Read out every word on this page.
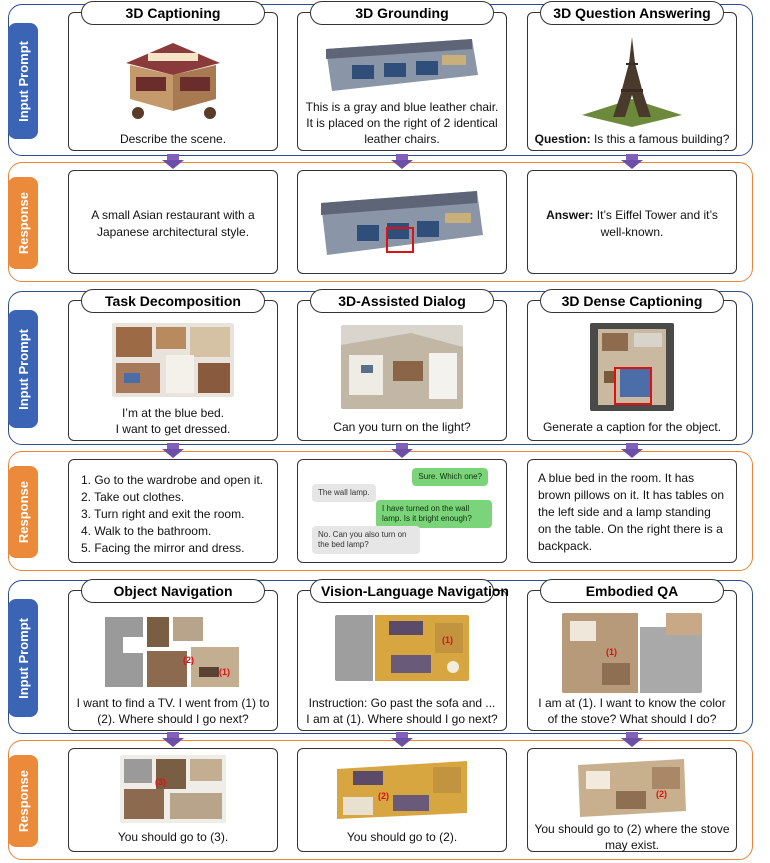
Input Prompt
Response
3D Captioning
Describe the scene.
A small Asian restaurant with a Japanese architectural style.
3D Grounding
This is a gray and blue leather chair. It is placed on the right of 2 identical leather chairs.
3D Question Answering
Question: Is this a famous building?
Answer: It’s Eiffel Tower and it’s well-known.
Input Prompt
Response
Task Decomposition
I’m at the blue bed.
I want to get dressed.
1. Go to the wardrobe and open it.
2. Take out clothes.
3. Turn right and exit the room.
4. Walk to the bathroom.
5. Facing the mirror and dress.
3D-Assisted Dialog
Can you turn on the light?
Sure. Which one?
The wall lamp.
I have turned on the wall lamp. Is it bright enough?
No. Can you also turn on the bed lamp?
3D Dense Captioning
Generate a caption for the object.
A blue bed in the room. It has brown pillows on it. It has tables on the left side and a lamp standing on the table. On the right there is a backpack.
Input Prompt
Response
Object Navigation
(2)
(1)
I want to find a TV. I went from (1) to (2). Where should I go next?
(3)
You should go to (3).
Vision-Language Navigation
(1)
Instruction: Go past the sofa and ...
I am at (1). Where should I go next?
(2)
You should go to (2).
Embodied QA
(1)
I am at (1). I want to know the color of the stove? What should I do?
(2)
You should go to (2) where the stove may exist.
